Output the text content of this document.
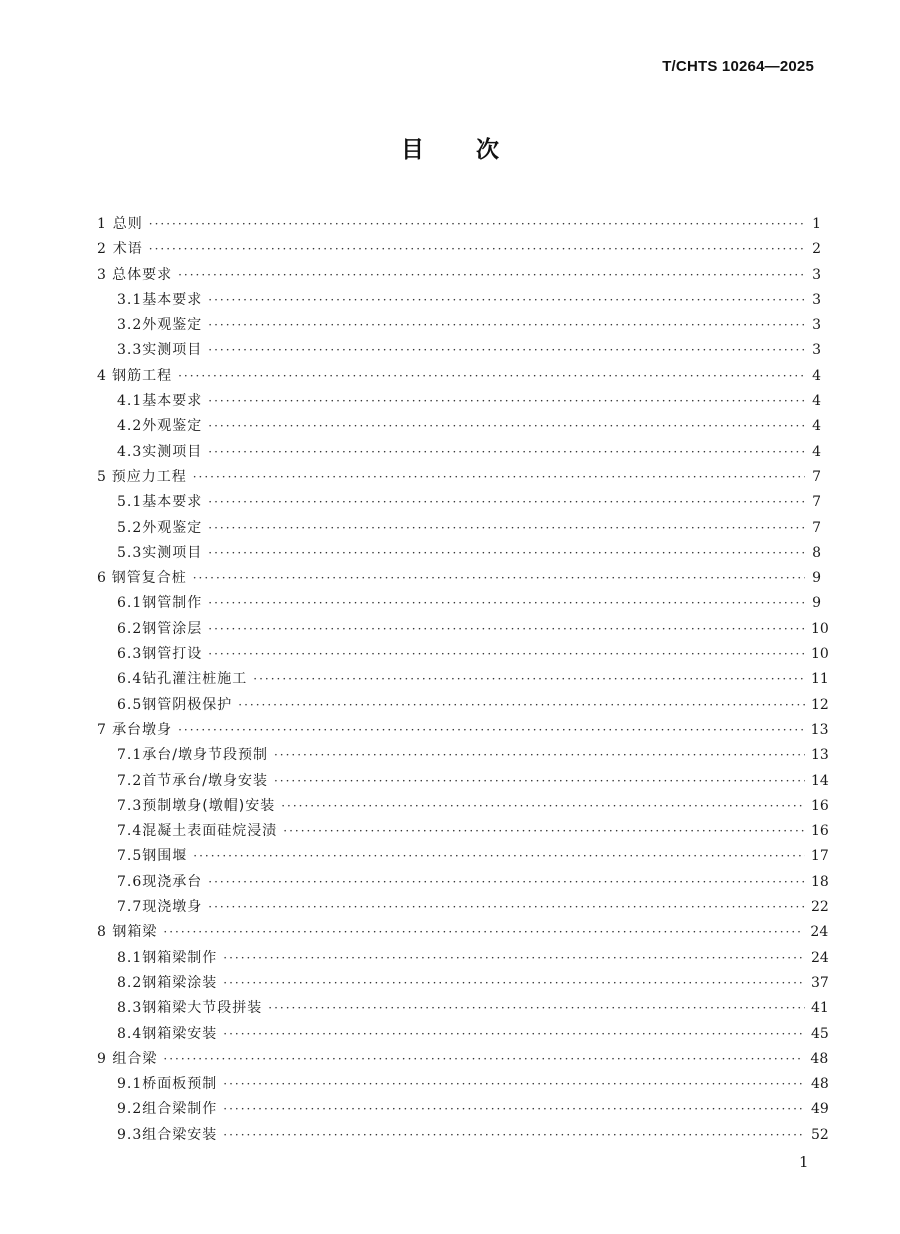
T/CHTS 10264—2025
目 次
1 总则 ·····	1
2 术语 ·····	2
3 总体要求 ·····	3
3.1 基本要求 ·····	3
3.2 外观鉴定 ·····	3
3.3 实测项目 ·····	3
4 钢筋工程 ·····	4
4.1 基本要求 ·····	4
4.2 外观鉴定 ·····	4
4.3 实测项目 ·····	4
5 预应力工程 ·····	7
5.1 基本要求 ·····	7
5.2 外观鉴定 ·····	7
5.3 实测项目 ·····	8
6 钢管复合桩 ·····	9
6.1 钢管制作 ·····	9
6.2 钢管涂层 ·····	10
6.3 钢管打设 ·····	10
6.4 钻孔灌注桩施工 ·····	11
6.5 钢管阴极保护 ·····	12
7 承台墩身 ·····	13
7.1 承台/墩身节段预制 ·····	13
7.2 首节承台/墩身安装 ·····	14
7.3 预制墩身(墩帽)安装 ·····	16
7.4 混凝土表面硅烷浸渍 ·····	16
7.5 钢围堰 ·····	17
7.6 现浇承台 ·····	18
7.7 现浇墩身 ·····	22
8 钢箱梁 ·····	24
8.1 钢箱梁制作 ·····	24
8.2 钢箱梁涂装 ·····	37
8.3 钢箱梁大节段拼装 ·····	41
8.4 钢箱梁安装 ·····	45
9 组合梁 ·····	48
9.1 桥面板预制 ·····	48
9.2 组合梁制作 ·····	49
9.3 组合梁安装 ·····	52
1
